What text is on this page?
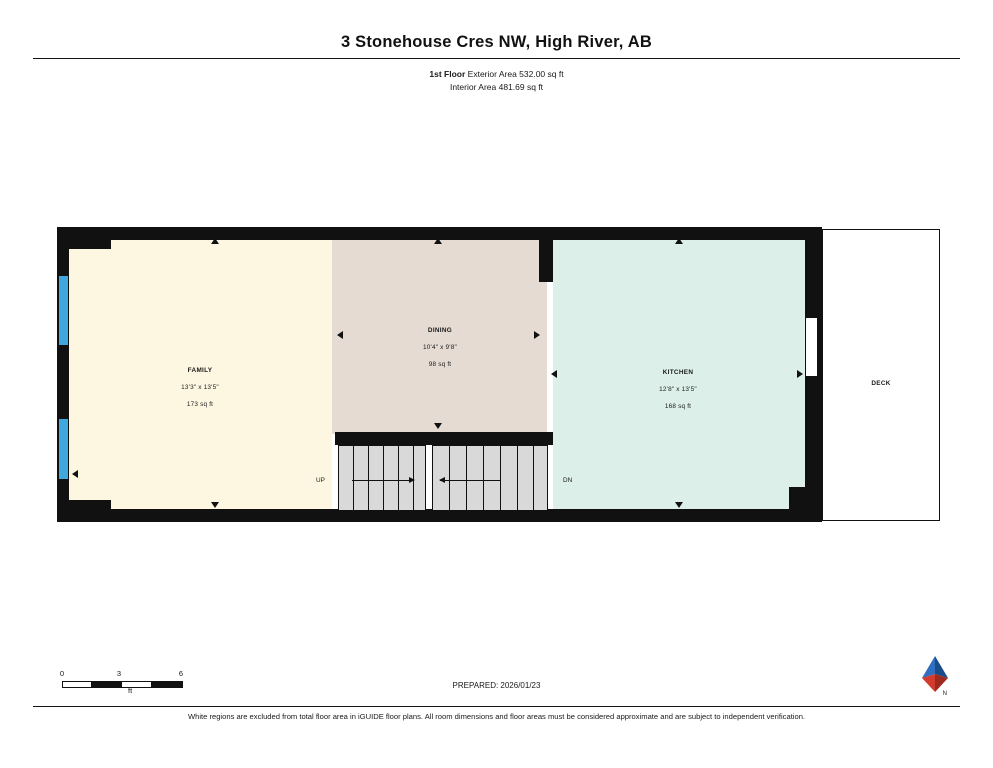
3 Stonehouse Cres NW, High River, AB
1st Floor Exterior Area 532.00 sq ft
Interior Area 481.69 sq ft

FAMILY

13'3" x 13'5"

173 sq ft

DINING

10'4" x 9'8"

98 sq ft

KITCHEN

12'8" x 13'5"

168 sq ft

DECK

UP	DN
0	3	6
ft
PREPARED: 2026/01/23
N
White regions are excluded from total floor area in iGUIDE floor plans. All room dimensions and floor areas must be considered approximate and are subject to independent verification.
